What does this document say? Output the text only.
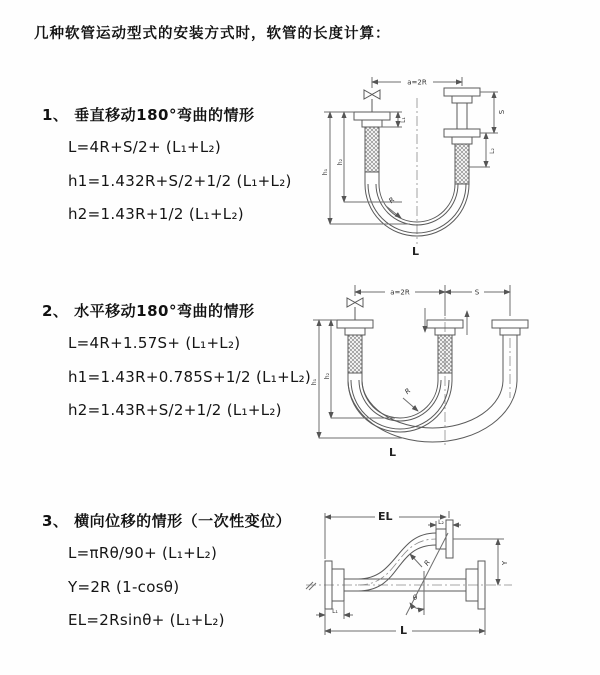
几种软管运动型式的安装方式时，软管的长度计算：
1、 垂直移动180°弯曲的情形
L=4R+S/2+ (L₁+L₂)
h1=1.432R+S/2+1/2 (L₁+L₂)
h2=1.43R+1/2 (L₁+L₂)
2、 水平移动180°弯曲的情形
L=4R+1.57S+ (L₁+L₂)
h1=1.43R+0.785S+1/2 (L₁+L₂)
h2=1.43R+S/2+1/2 (L₁+L₂)
3、 横向位移的情形（一次性变位）
L=πRθ/90+ (L₁+L₂)
Y=2R (1-cosθ)
EL=2Rsinθ+ (L₁+L₂)
a=2R
L₁
S
L₂
h₁
h₂
R
L
a=2R	S
h₁
h₂
R
L
EL	L₂
Y
θ
R
L₁
L
